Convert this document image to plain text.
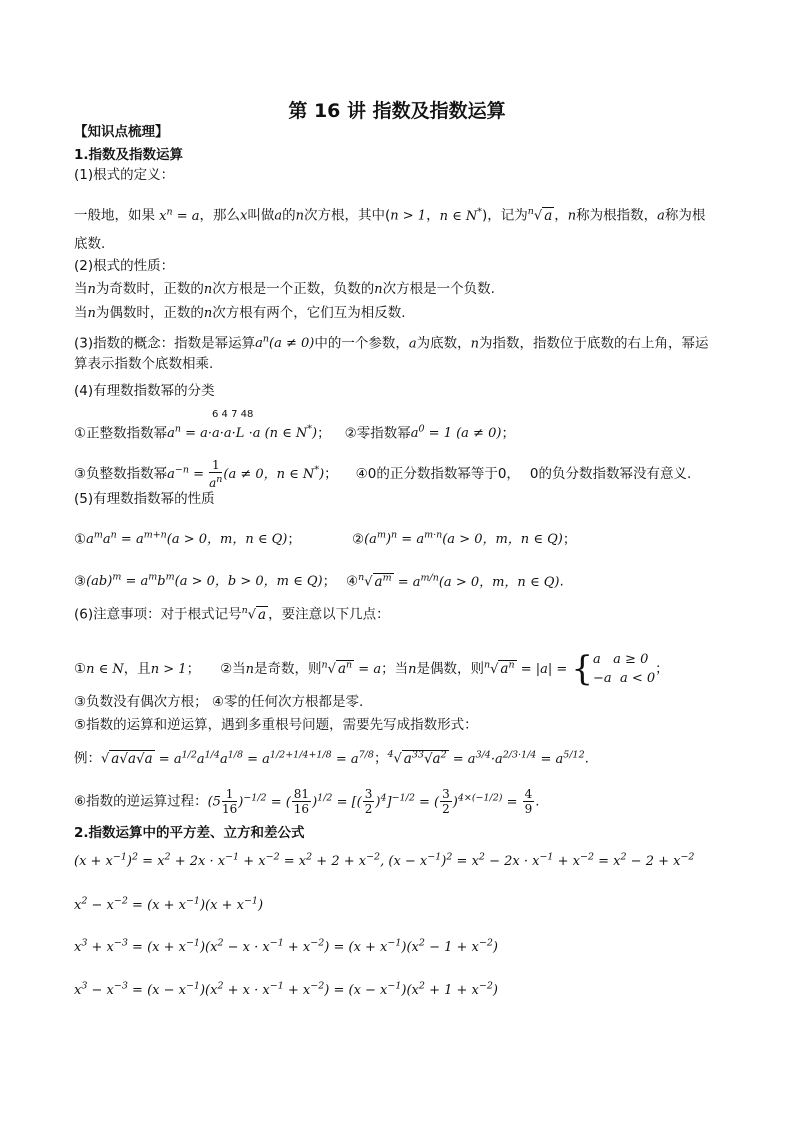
第 16 讲 指数及指数运算
【知识点梳理】
1.指数及指数运算
(1)根式的定义：
一般地，如果 $x^n = a$，那么x叫做a的n次方根，其中(n > 1，n ∈ N*)，记为$^n$√ a ，n称为根指数，a称为根
底数.
(2)根式的性质：
当n为奇数时，正数的n次方根是一个正数，负数的n次方根是一个负数.
当n为偶数时，正数的n次方根有两个，它们互为相反数.
(3)指数的概念：指数是幂运算$a^n(a \ne 0)$中的一个参数，a为底数，n为指数，指数位于底数的右上角，幂运
算表示指数个底数相乘.
(4)有理数指数幂的分类
6 4 7 48
①正整数指数幂$a^n = a\cdot a\cdot a\cdot L \cdot a$ (n ∈ N*)； ②零指数幂$a^0 = 1$ (a ≠ 0)；
③负整数指数幂$a^{-n} = \frac{1}{a^n} (a \ne 0$，n ∈ N*)； ④0的正分数指数幂等于0， 0的负分数指数幂没有意义.
(5)有理数指数幂的性质
$①a^ma^n = a^{m+n}(a > 0$，m，n ∈ Q)；	$②(a^m)^n = a^{m\cdot n}(a > 0$，m，n ∈ Q)；
③(ab)$^m$ = $a^mb^m(a > 0$，b > 0，m ∈ Q)； ④$^n$√ $a^m = a^{m/n}(a > 0$，m，n ∈ Q).
(6)注意事项：对于根式记号$^n$√ a ，要注意以下几点：
①n ∈ N，且n > 1； ②当n是奇数，则$^n$√ $a^n = a$；当n是偶数，则$^n$√ $a^n = |a| = \{a$   a ≥ 0
−a  a < 0；
③负数没有偶次方根； ④零的任何次方根都是零.
⑤指数的运算和逆运算，遇到多重根号问题，需要先写成指数形式：
例：√ $a√a√a = a^{1/2}a^{1/4}a^{1/8} = a^{1/2+1/4+1/8} = a^{7/8}$；$^4$√ $a^{33}√a^2 = a^{3/4}\cdot a^{2/3\cdot 1/4} = a^{5/12}$.
⑥指数的逆运算过程：$(5 \frac{1}{16} )^{-1/2}$ = ( $\frac{81}{16} )^{1/2}$ = [( $\frac{3}{2} )^4]^{-1/2}$ = ( $\frac{3}{2} )^{4\times(-1/2)} = \frac{4}{9}$ .
2.指数运算中的平方差、立方和差公式
$(x + x^{-1})^2 = x^2 + 2x \cdot x^{-1} + x^{-2} = x^2 + 2 + x^{-2}$, $(x - x^{-1})^2 = x^2 - 2x \cdot x^{-1} + x^{-2} = x^2 - 2 + x^{-2}$
$x^2 - x^{-2} = (x + x^{-1})(x + x^{-1})$
$x^3 + x^{-3} = (x + x^{-1})(x^2 - x \cdot x^{-1} + x^{-2}) = (x + x^{-1})(x^2 - 1 + x^{-2})$
$x^3 - x^{-3} = (x - x^{-1})(x^2 + x \cdot x^{-1} + x^{-2}) = (x - x^{-1})(x^2 + 1 + x^{-2})$
